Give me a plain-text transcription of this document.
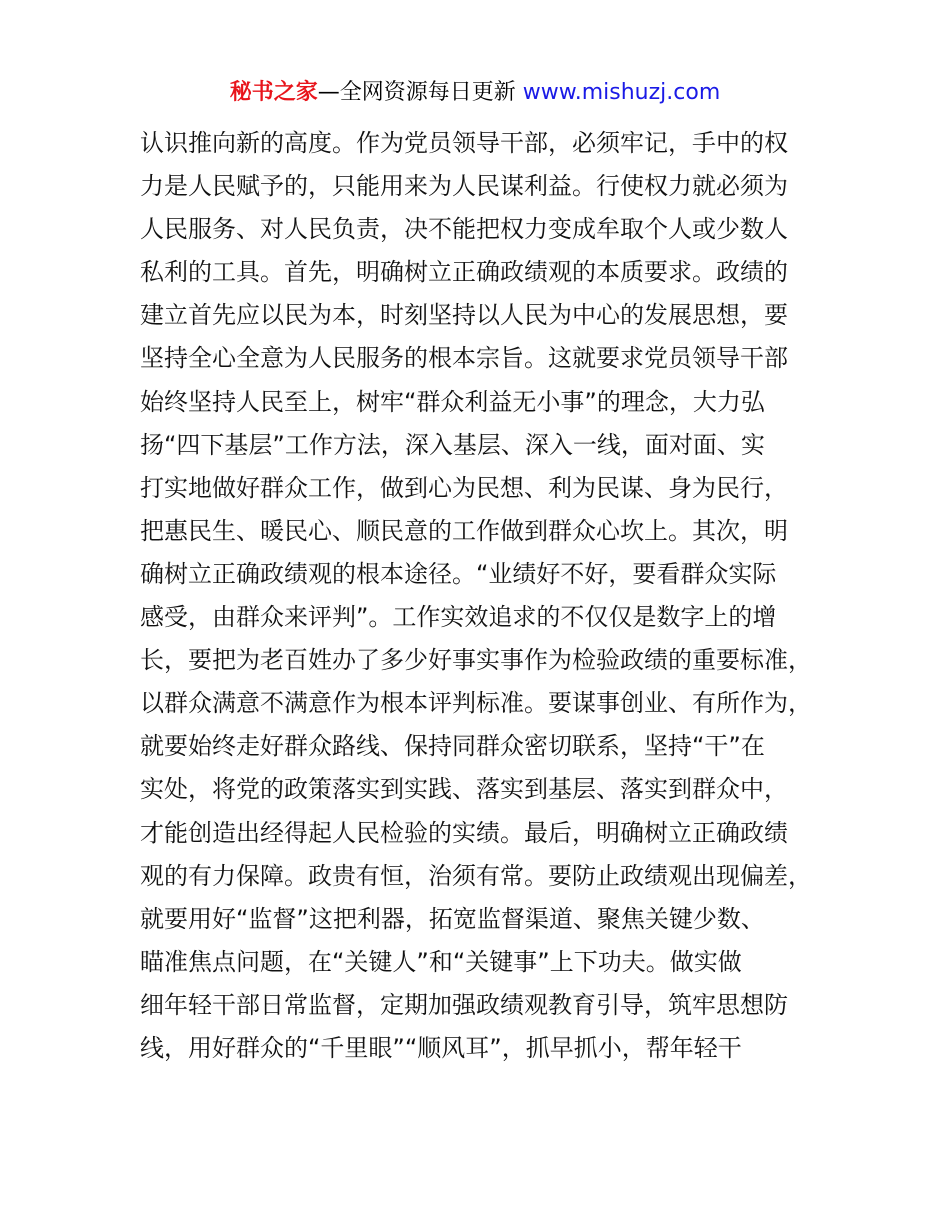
秘书之家—全网资源每日更新 www.mishuzj.com
认识推向新的高度。作为党员领导干部，必须牢记，手中的权
力是人民赋予的，只能用来为人民谋利益。行使权力就必须为
人民服务、对人民负责，决不能把权力变成牟取个人或少数人
私利的工具。首先，明确树立正确政绩观的本质要求。政绩的
建立首先应以民为本，时刻坚持以人民为中心的发展思想，要
坚持全心全意为人民服务的根本宗旨。这就要求党员领导干部
始终坚持人民至上，树牢“群众利益无小事”的理念，大力弘
扬“四下基层”工作方法，深入基层、深入一线，面对面、实
打实地做好群众工作，做到心为民想、利为民谋、身为民行，
把惠民生、暖民心、顺民意的工作做到群众心坎上。其次，明
确树立正确政绩观的根本途径。“业绩好不好，要看群众实际
感受，由群众来评判”。工作实效追求的不仅仅是数字上的增
长，要把为老百姓办了多少好事实事作为检验政绩的重要标准，
以群众满意不满意作为根本评判标准。要谋事创业、有所作为，
就要始终走好群众路线、保持同群众密切联系，坚持“干”在
实处，将党的政策落实到实践、落实到基层、落实到群众中，
才能创造出经得起人民检验的实绩。最后，明确树立正确政绩
观的有力保障。政贵有恒，治须有常。要防止政绩观出现偏差，
就要用好“监督”这把利器，拓宽监督渠道、聚焦关键少数、
瞄准焦点问题，在“关键人”和“关键事”上下功夫。做实做
细年轻干部日常监督，定期加强政绩观教育引导，筑牢思想防
线，用好群众的“千里眼”“顺风耳”，抓早抓小，帮年轻干
